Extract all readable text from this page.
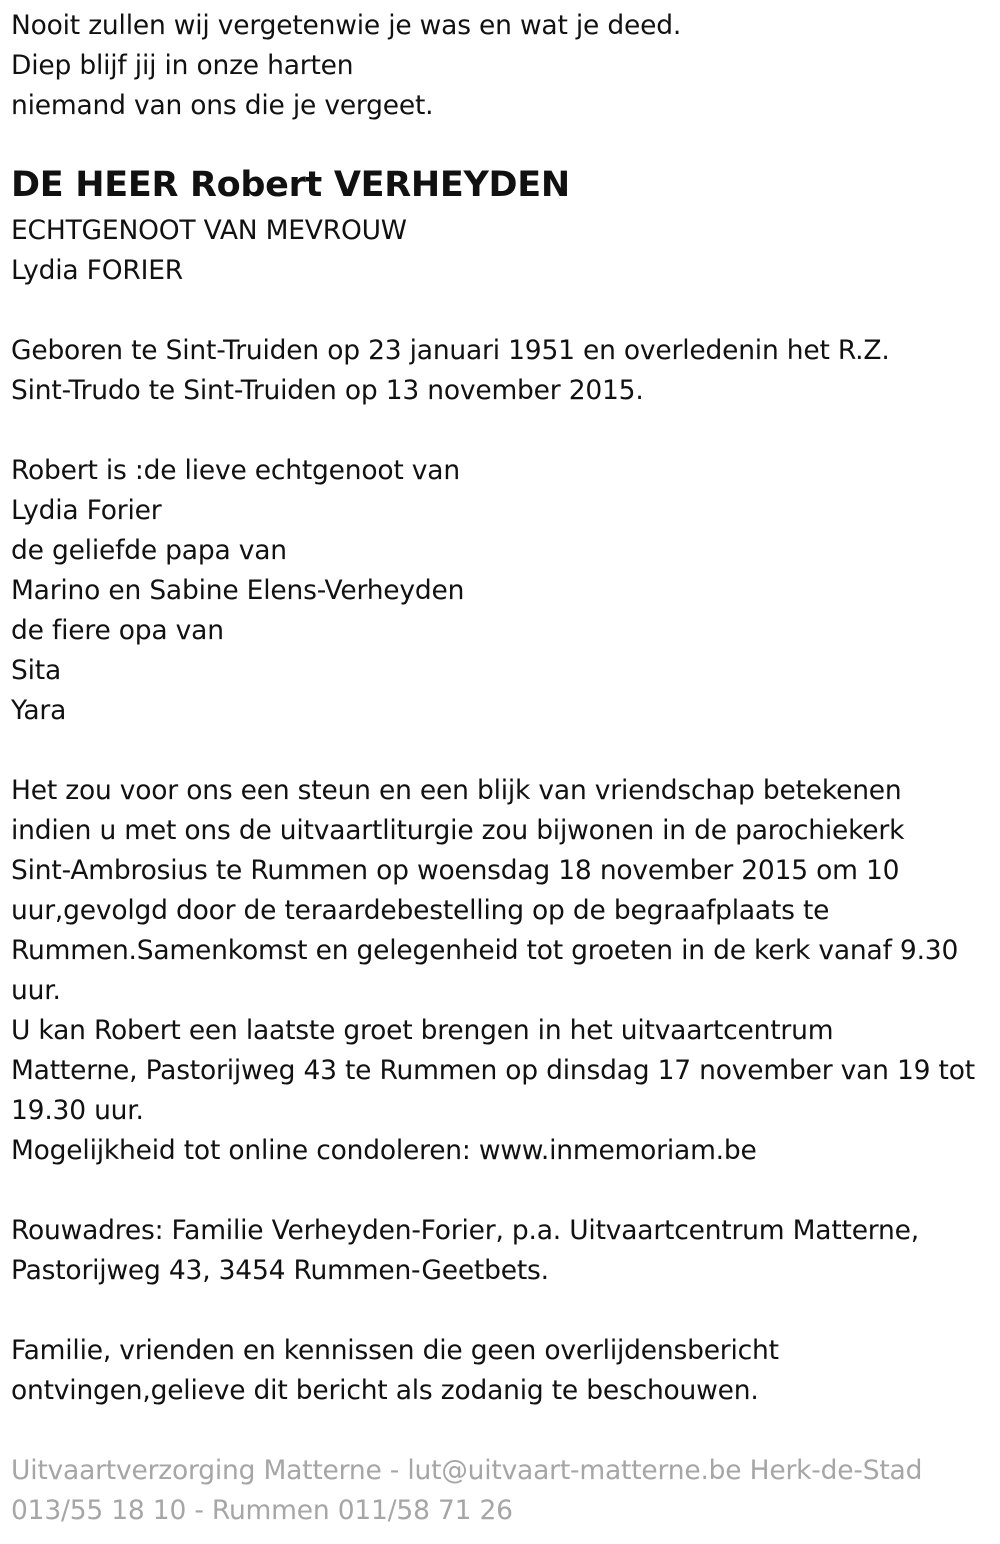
Nooit zullen wij vergetenwie je was en wat je deed.
Diep blijf jij in onze harten
niemand van ons die je vergeet.
DE HEER Robert VERHEYDEN
ECHTGENOOT VAN MEVROUW
Lydia FORIER
Geboren te Sint-Truiden op 23 januari 1951 en overledenin het R.Z.
Sint-Trudo te Sint-Truiden op 13 november 2015.
Robert is :de lieve echtgenoot van
Lydia Forier
de geliefde papa van
Marino en Sabine Elens-Verheyden
de fiere opa van
Sita
Yara
Het zou voor ons een steun en een blijk van vriendschap betekenen
indien u met ons de uitvaartliturgie zou bijwonen in de parochiekerk
Sint-Ambrosius te Rummen op woensdag 18 november 2015 om 10
uur,gevolgd door de teraardebestelling op de begraafplaats te
Rummen.Samenkomst en gelegenheid tot groeten in de kerk vanaf 9.30
uur.
U kan Robert een laatste groet brengen in het uitvaartcentrum
Matterne, Pastorijweg 43 te Rummen op dinsdag 17 november van 19 tot
19.30 uur.
Mogelijkheid tot online condoleren: www.inmemoriam.be
Rouwadres: Familie Verheyden-Forier, p.a. Uitvaartcentrum Matterne,
Pastorijweg 43, 3454 Rummen-Geetbets.
Familie, vrienden en kennissen die geen overlijdensbericht
ontvingen,gelieve dit bericht als zodanig te beschouwen.
Uitvaartverzorging Matterne - lut@uitvaart-matterne.be Herk-de-Stad
013/55 18 10 - Rummen 011/58 71 26
